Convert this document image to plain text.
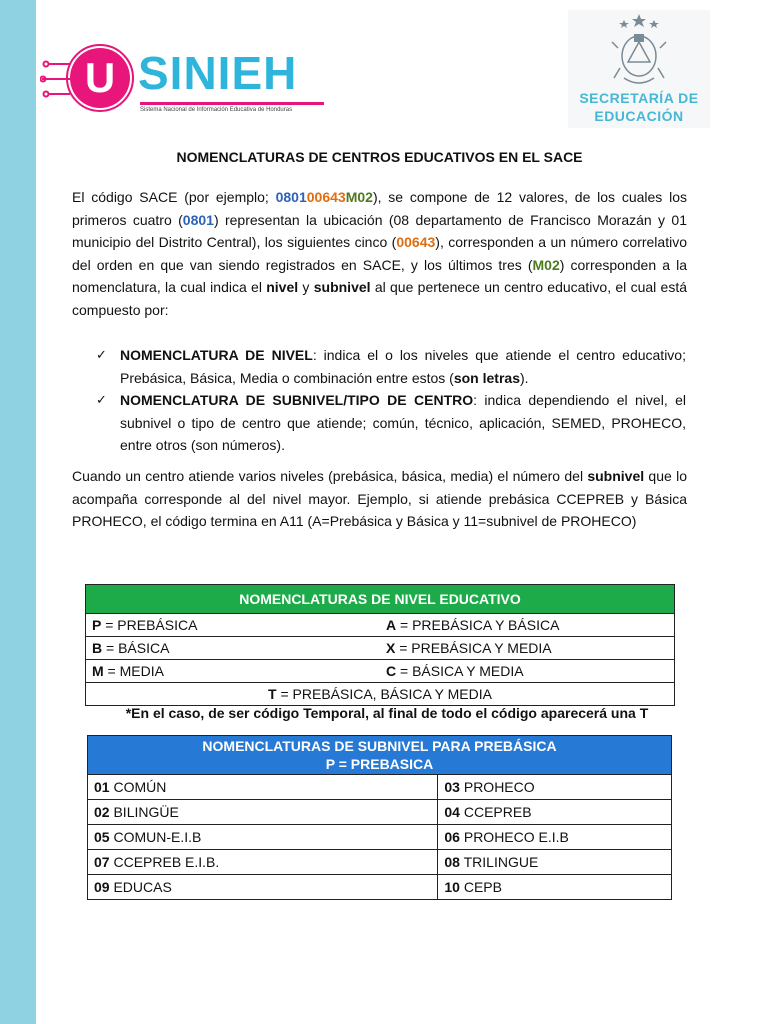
U SINIEH
Sistema Nacional de Información Educativa de Honduras
SECRETARÍA DE
EDUCACIÓN
NOMENCLATURAS DE CENTROS EDUCATIVOS EN EL SACE

El código SACE (por ejemplo; 080100643M02), se compone de 12 valores, de los cuales los primeros cuatro (0801) representan la ubicación (08 departamento de Francisco Morazán y 01 municipio del Distrito Central), los siguientes cinco (00643), corresponden a un número correlativo del orden en que van siendo registrados en SACE, y los últimos tres (M02) corresponden a la nomenclatura, la cual indica el nivel y subnivel al que pertenece un centro educativo, el cual está compuesto por:

✓ NOMENCLATURA DE NIVEL: indica el o los niveles que atiende el centro educativo; Prebásica, Básica, Media o combinación entre estos (son letras).
✓ NOMENCLATURA DE SUBNIVEL/TIPO DE CENTRO: indica dependiendo el nivel, el subnivel o tipo de centro que atiende; común, técnico, aplicación, SEMED, PROHECO, entre otros (son números).

Cuando un centro atiende varios niveles (prebásica, básica, media) el número del subnivel que lo acompaña corresponde al del nivel mayor. Ejemplo, si atiende prebásica CCEPREB y Básica PROHECO, el código termina en A11 (A=Prebásica y Básica y 11=subnivel de PROHECO)

NOMENCLATURAS DE NIVEL EDUCATIVO	
P = PREBÁSICA	A = PREBÁSICA Y BÁSICA
B = BÁSICA	X = PREBÁSICA Y MEDIA
M = MEDIA	C = BÁSICA Y MEDIA
T = PREBÁSICA, BÁSICA Y MEDIA	
*En el caso, de ser código Temporal, al final de todo el código aparecerá una T
NOMENCLATURAS DE SUBNIVEL PARA PREBÁSICA
P = PREBASICA	
01 COMÚN	03 PROHECO
02 BILINGÜE	04 CCEPREB
05 COMUN-E.I.B	06 PROHECO E.I.B
07 CCEPREB E.I.B.	08 TRILINGUE
09 EDUCAS	10 CEPB
